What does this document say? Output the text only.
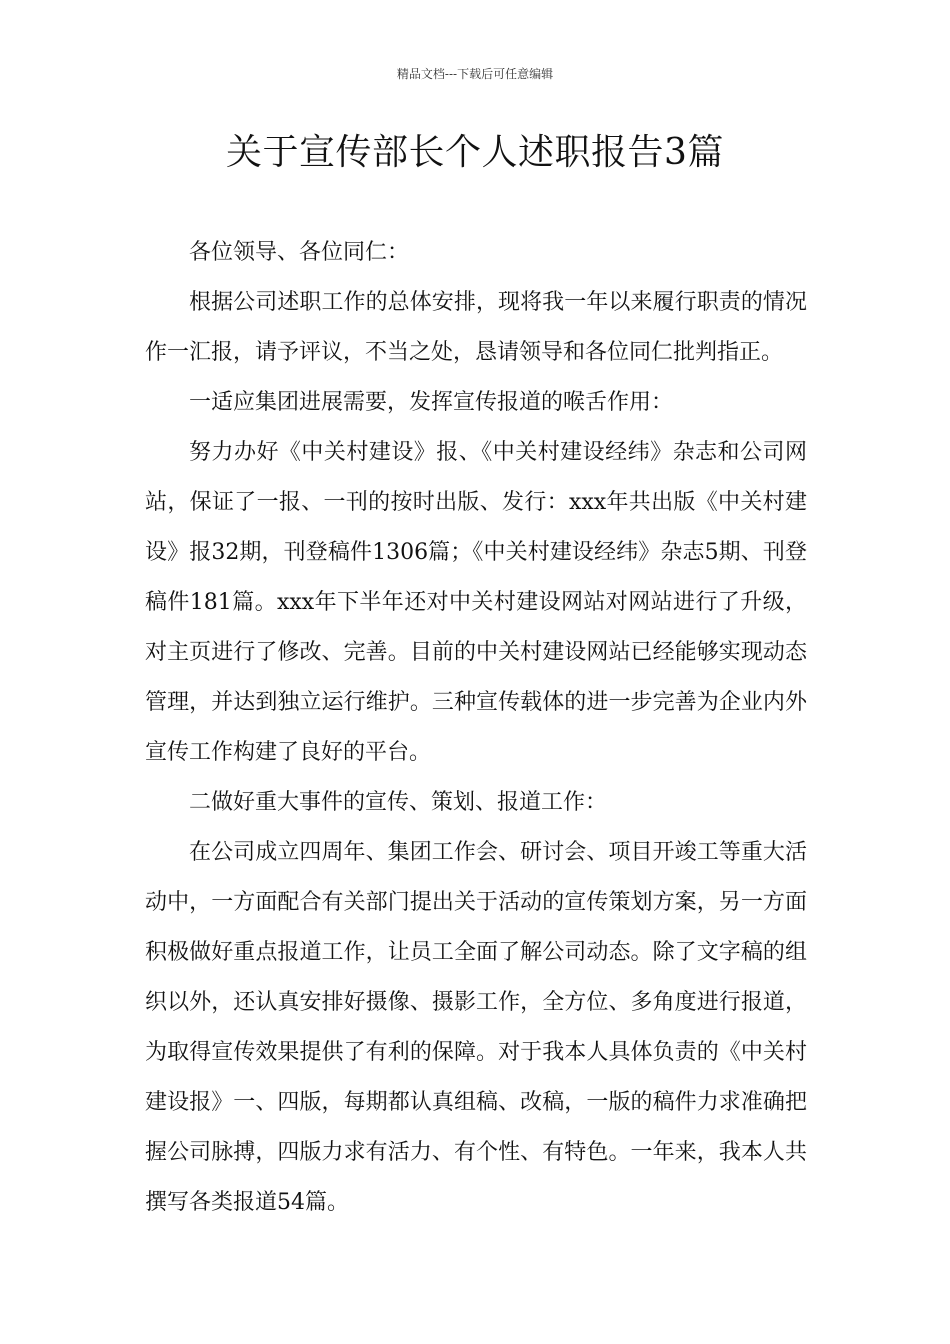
精品文档---下载后可任意编辑
关于宣传部长个人述职报告3篇

各位领导、各位同仁：

根据公司述职工作的总体安排，现将我一年以来履行职责的情况作一汇报，请予评议，不当之处，恳请领导和各位同仁批判指正。

一适应集团进展需要，发挥宣传报道的喉舌作用：

努力办好《中关村建设》报、《中关村建设经纬》杂志和公司网站，保证了一报、一刊的按时出版、发行：xxx年共出版《中关村建设》报32期，刊登稿件1306篇；《中关村建设经纬》杂志5期、刊登稿件181篇。xxx年下半年还对中关村建设网站对网站进行了升级，对主页进行了修改、完善。目前的中关村建设网站已经能够实现动态管理，并达到独立运行维护。三种宣传载体的进一步完善为企业内外宣传工作构建了良好的平台。

二做好重大事件的宣传、策划、报道工作：

在公司成立四周年、集团工作会、研讨会、项目开竣工等重大活动中，一方面配合有关部门提出关于活动的宣传策划方案，另一方面积极做好重点报道工作，让员工全面了解公司动态。除了文字稿的组织以外，还认真安排好摄像、摄影工作，全方位、多角度进行报道，为取得宣传效果提供了有利的保障。对于我本人具体负责的《中关村建设报》一、四版，每期都认真组稿、改稿，一版的稿件力求准确把握公司脉搏，四版力求有活力、有个性、有特色。一年来，我本人共撰写各类报道54篇。
